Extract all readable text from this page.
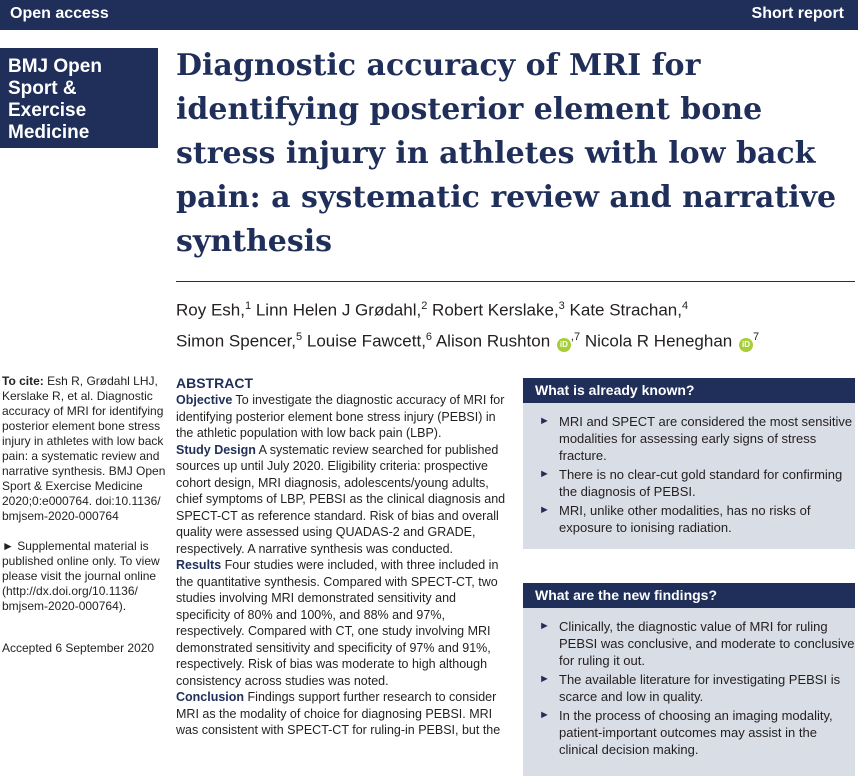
Open access	Short report
BMJ Open
Sport &
Exercise
Medicine
Diagnostic accuracy of MRI for
identifying posterior element bone
stress injury in athletes with low back
pain: a systematic review and narrative
synthesis
Roy Esh,$^1$ Linn Helen J Grødahl,$^2$ Robert Kerslake,$^3$ Kate Strachan,$^4$
Simon Spencer,$^5$ Louise Fawcett,$^6$ Alison Rushton $iD^{,7}$ Nicola R Heneghan $iD^7$
To cite: Esh R, Grødahl LHJ,
Kerslake R, et al. Diagnostic
accuracy of MRI for identifying
posterior element bone stress
injury in athletes with low back
pain: a systematic review and
narrative synthesis. BMJ Open
Sport & Exercise Medicine
2020;0:e000764. doi:10.1136/
bmjsem-2020-000764
► Supplemental material is
published online only. To view
please visit the journal online
(http://dx.doi.org/10.1136/
bmjsem-2020-000764).
Accepted 6 September 2020
ABSTRACT
Objective To investigate the diagnostic accuracy of MRI for
identifying posterior element bone stress injury (PEBSI) in
the athletic population with low back pain (LBP).
Study Design A systematic review searched for published
sources up until July 2020. Eligibility criteria: prospective
cohort design, MRI diagnosis, adolescents/young adults,
chief symptoms of LBP, PEBSI as the clinical diagnosis and
SPECT-CT as reference standard. Risk of bias and overall
quality were assessed using QUADAS-2 and GRADE,
respectively. A narrative synthesis was conducted.
Results Four studies were included, with three included in
the quantitative synthesis. Compared with SPECT-CT, two
studies involving MRI demonstrated sensitivity and
specificity of 80% and 100%, and 88% and 97%,
respectively. Compared with CT, one study involving MRI
demonstrated sensitivity and specificity of 97% and 91%,
respectively. Risk of bias was moderate to high although
consistency across studies was noted.
Conclusion Findings support further research to consider
MRI as the modality of choice for diagnosing PEBSI. MRI
was consistent with SPECT-CT for ruling-in PEBSI, but the
What is already known?
► MRI and SPECT are considered the most sensitive
modalities for assessing early signs of stress
fracture.
► There is no clear-cut gold standard for confirming
the diagnosis of PEBSI.
► MRI, unlike other modalities, has no risks of
exposure to ionising radiation.
What are the new findings?
► Clinically, the diagnostic value of MRI for ruling
PEBSI was conclusive, and moderate to conclusive
for ruling it out.
► The available literature for investigating PEBSI is
scarce and low in quality.
► In the process of choosing an imaging modality,
patient-important outcomes may assist in the
clinical decision making.
